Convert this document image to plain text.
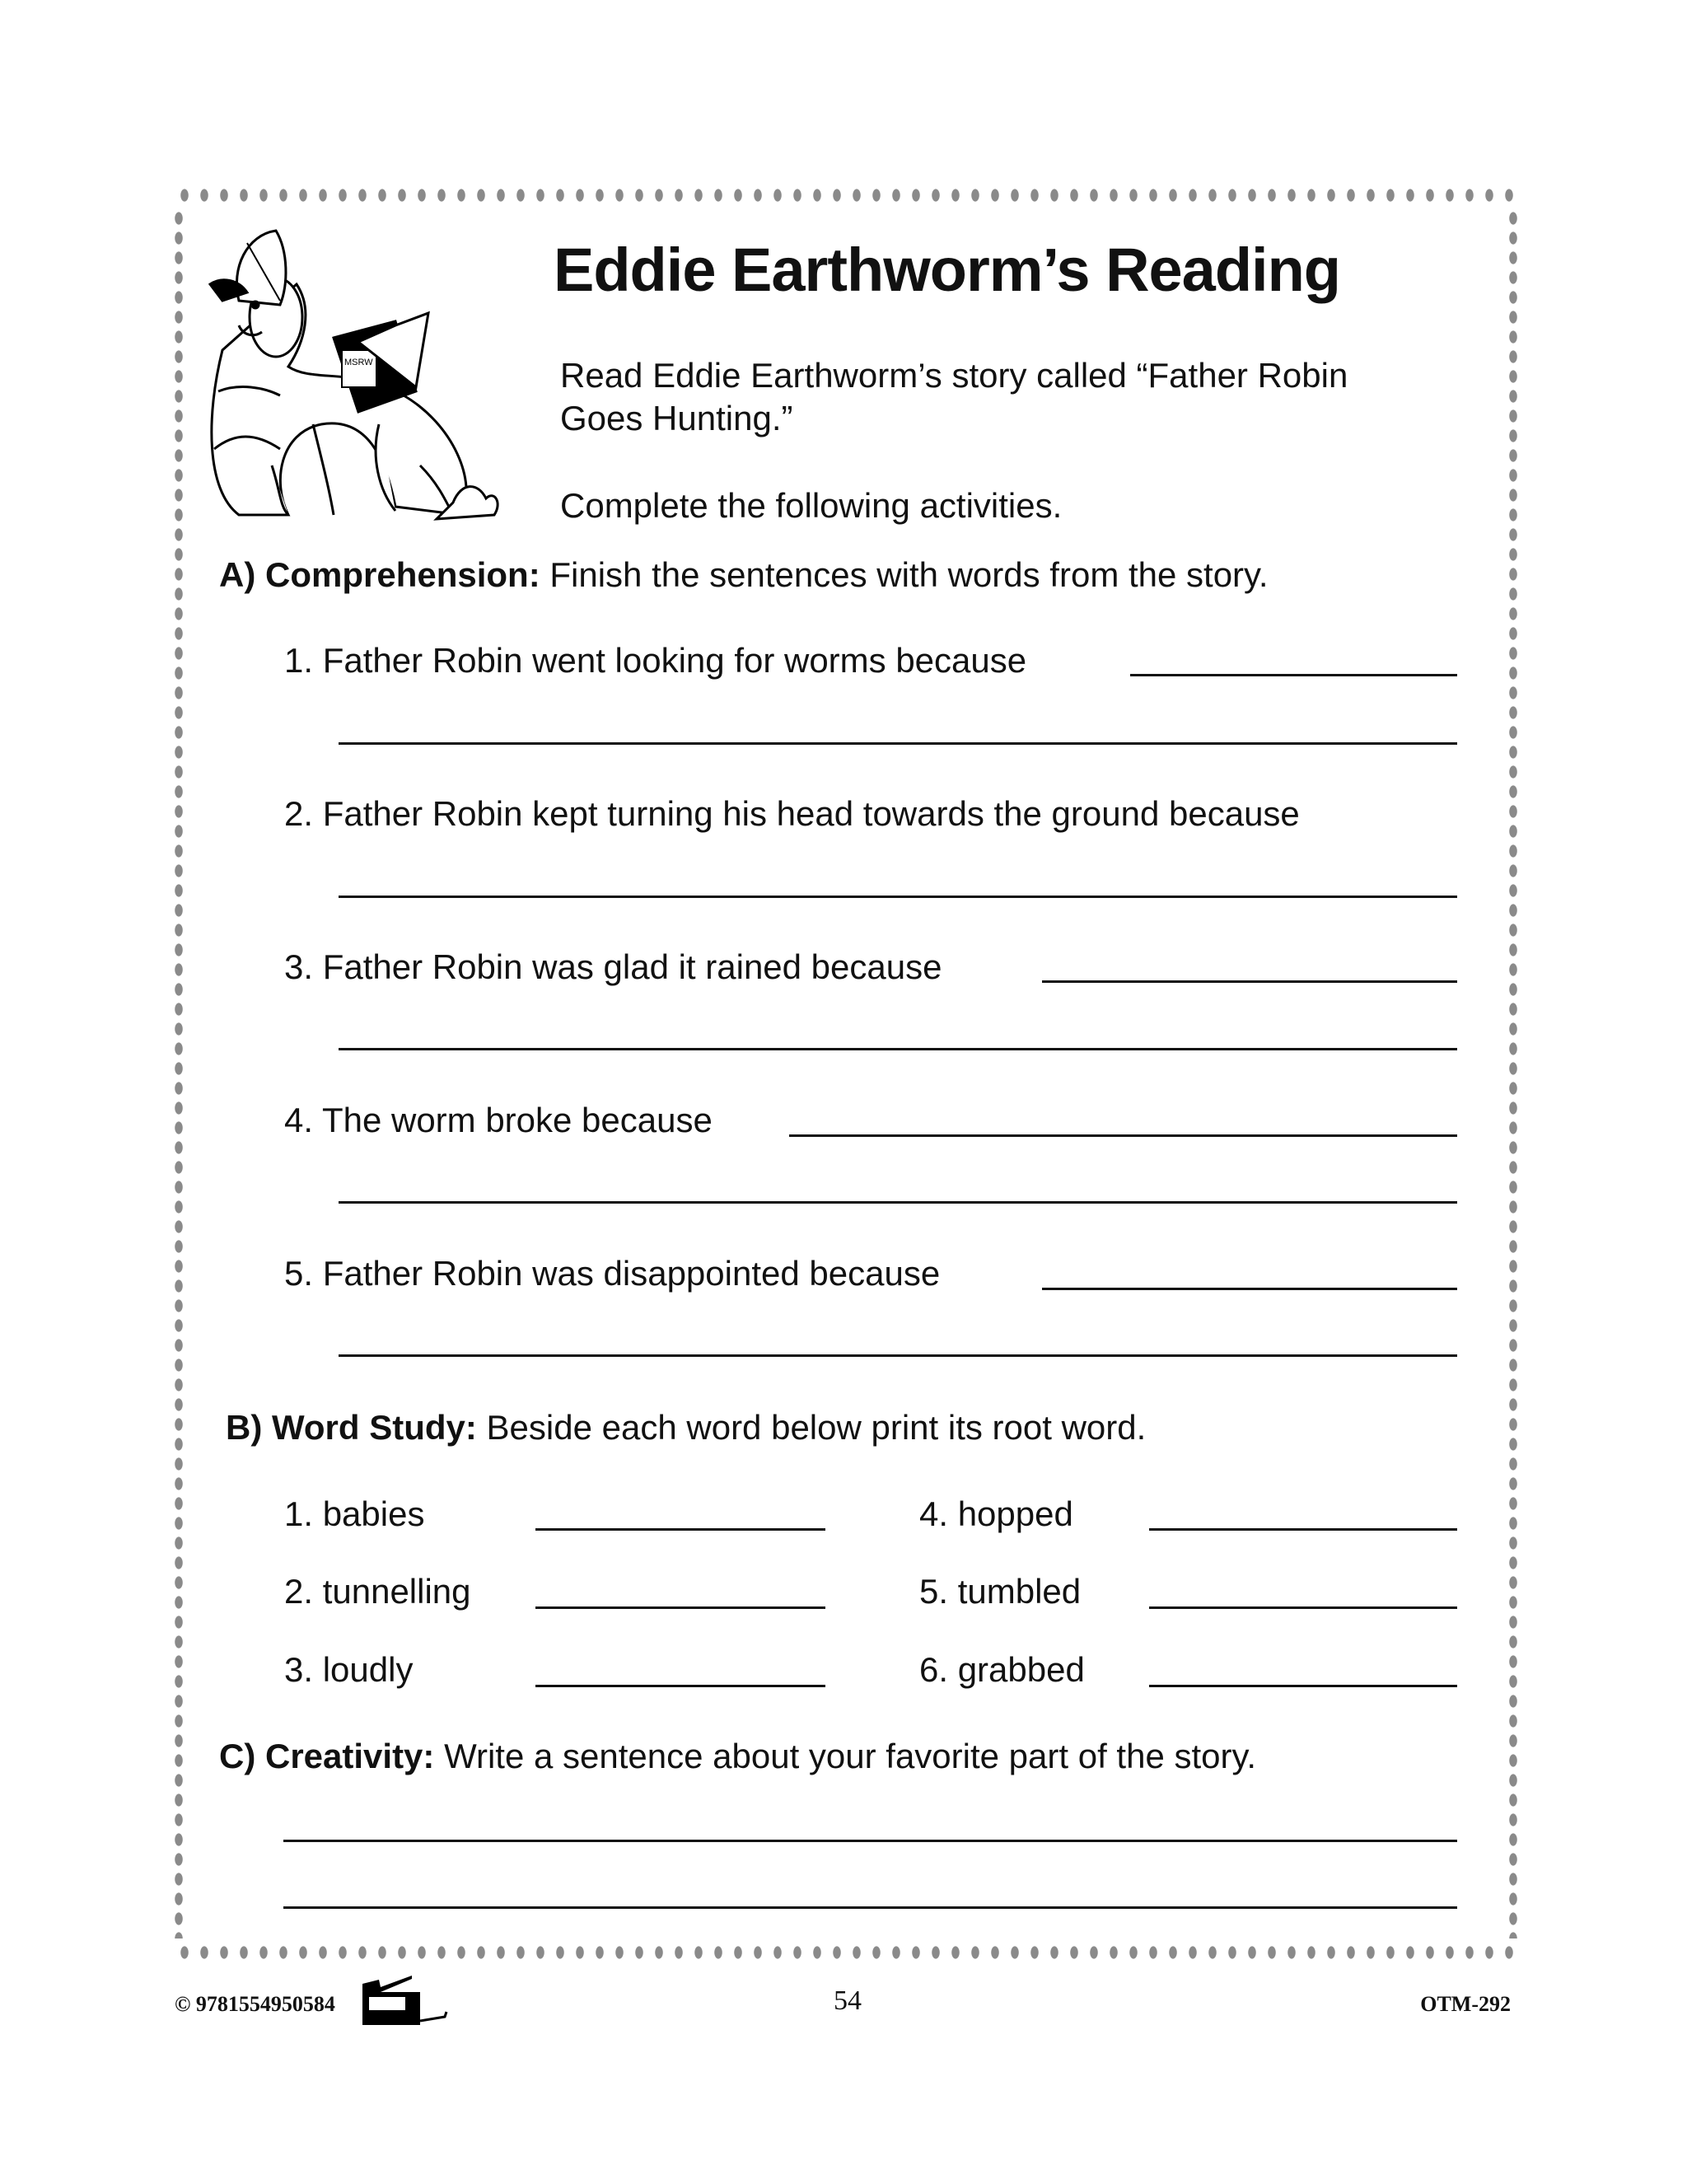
MSRW
Eddie Earthworm’s Reading
Read Eddie Earthworm’s story called “Father Robin
Goes Hunting.”
Complete the following activities.
A) Comprehension: Finish the sentences with words from the story.
1. Father Robin went looking for worms because
2. Father Robin kept turning his head towards the ground because
3. Father Robin was glad it rained because
4. The worm broke because
5. Father Robin was disappointed because
B) Word Study: Beside each word below print its root word.
1. babies
2. tunnelling
3. loudly
4. hopped
5. tumbled
6. grabbed
C) Creativity: Write a sentence about your favorite part of the story.
© 9781554950584	54	OTM-292
